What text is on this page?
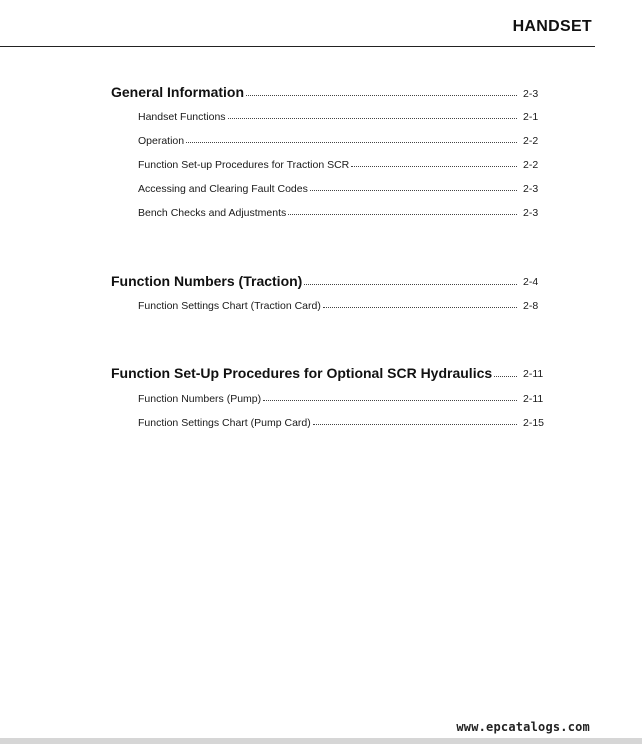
HANDSET
General Information	2-3
Handset Functions	2-1
Operation	2-2
Function Set-up Procedures for Traction SCR	2-2
Accessing and Clearing Fault Codes	2-3
Bench Checks and Adjustments	2-3
Function Numbers (Traction)	2-4
Function Settings Chart (Traction Card)	2-8
Function Set-Up Procedures for Optional SCR Hydraulics	2-11
Function Numbers (Pump)	2-11
Function Settings Chart (Pump Card)	2-15
www.epcatalogs.com
